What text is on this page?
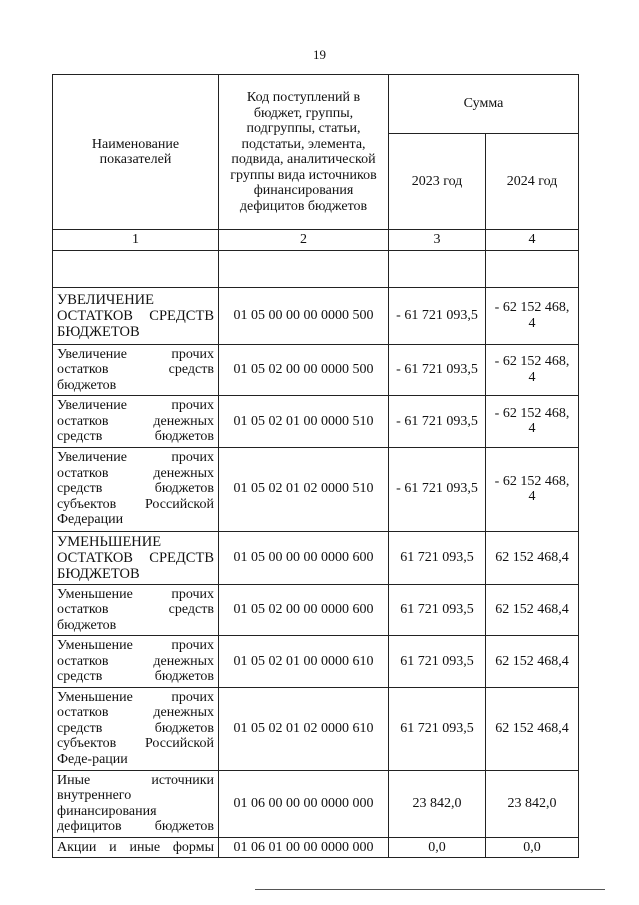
19
Наименование показателей	Код поступлений в бюджет, группы, подгруппы, статьи, подстатьи, элемента, подвида, аналитической группы вида источников финансирования дефицитов бюджетов	Сумма	
		2023 год	2024 год
1	2	3	4

УВЕЛИЧЕНИЕ ОСТАТКОВ СРЕДСТВ БЮДЖЕТОВ	01 05 00 00 00 0000 500	- 61 721 093,5	- 62 152 468, 4
Увеличение прочих остатков средств бюджетов	01 05 02 00 00 0000 500	- 61 721 093,5	- 62 152 468, 4
Увеличение прочих остатков денежных средств бюджетов	01 05 02 01 00 0000 510	- 61 721 093,5	- 62 152 468, 4
Увеличение прочих остатков денежных средств бюджетов субъектов Российской Федерации	01 05 02 01 02 0000 510	- 61 721 093,5	- 62 152 468, 4
УМЕНЬШЕНИЕ ОСТАТКОВ СРЕДСТВ БЮДЖЕТОВ	01 05 00 00 00 0000 600	61 721 093,5	62 152 468,4
Уменьшение прочих остатков средств бюджетов	01 05 02 00 00 0000 600	61 721 093,5	62 152 468,4
Уменьшение прочих остатков денежных средств бюджетов	01 05 02 01 00 0000 610	61 721 093,5	62 152 468,4
Уменьшение прочих остатков денежных средств бюджетов субъектов Российской Феде-рации	01 05 02 01 02 0000 610	61 721 093,5	62 152 468,4
Иные источники внутреннего финансирования дефицитов бюджетов	01 06 00 00 00 0000 000	23 842,0	23 842,0
Акции и иные формы	01 06 01 00 00 0000 000	0,0	0,0
